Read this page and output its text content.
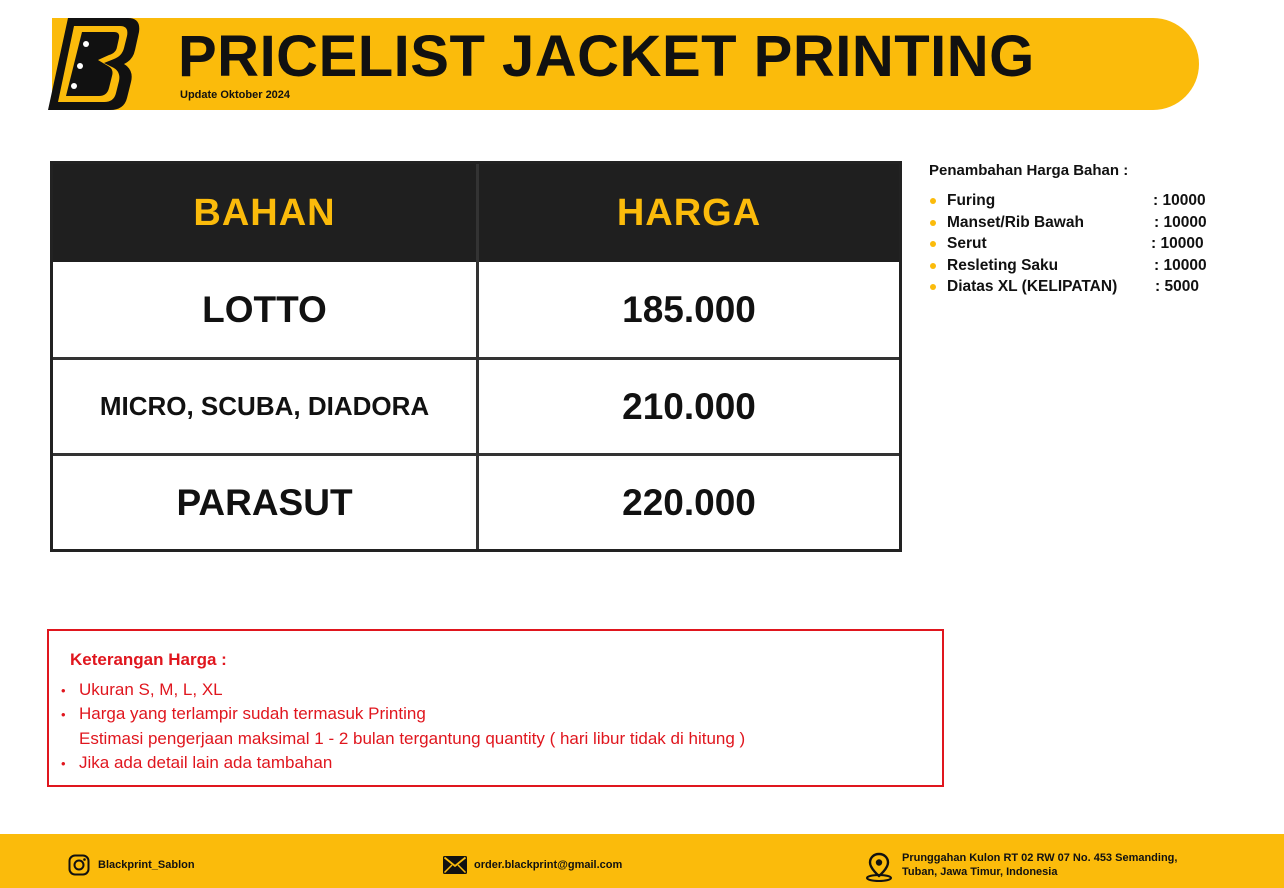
PRICELIST JACKET PRINTING
Update Oktober 2024
BAHAN	HARGA
LOTTO	185.000
MICRO, SCUBA, DIADORA	210.000
PARASUT	220.000
Penambahan Harga Bahan :
Furing	: 10000
Manset/Rib Bawah	: 10000
Serut	: 10000
Resleting Saku	: 10000
Diatas XL (KELIPATAN) : 5000
Keterangan Harga :
• Ukuran S, M, L, XL
• Harga yang terlampir sudah termasuk Printing
Estimasi pengerjaan maksimal 1 - 2 bulan tergantung quantity ( hari libur tidak di hitung )
• Jika ada detail lain ada tambahan
Blackprint_Sablon	order.blackprint@gmail.com
Prunggahan Kulon RT 02 RW 07 No. 453 Semanding,
Tuban, Jawa Timur, Indonesia
